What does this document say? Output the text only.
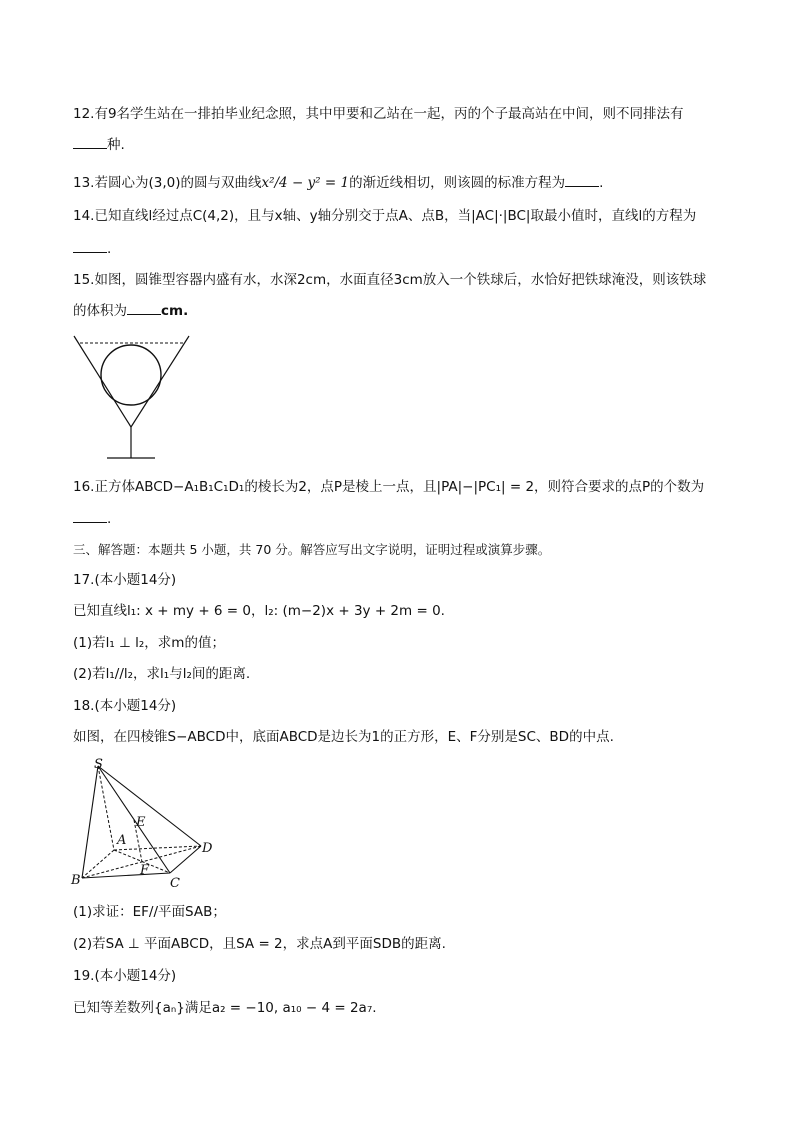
12.有9名学生站在一排拍毕业纪念照，其中甲要和乙站在一起，丙的个子最高站在中间，则不同排法有
种.
13.若圆心为(3,0)的圆与双曲线x²/4 − y² = 1的渐近线相切，则该圆的标准方程为	.
14.已知直线l经过点C(4,2)，且与x轴、y轴分别交于点A、点B，当|AC|·|BC|取最小值时，直线l的方程为
.
15.如图，圆锥型容器内盛有水，水深2cm，水面直径3cm放入一个铁球后，水恰好把铁球淹没，则该铁球
的体积为	cm.
16.正方体ABCD−A₁B₁C₁D₁的棱长为2，点P是棱上一点，且|PA|−|PC₁| = 2，则符合要求的点P的个数为
.
三、解答题：本题共 5 小题，共 70 分。解答应写出文字说明，证明过程或演算步骤。
17.(本小题14分)
已知直线l₁: x + my + 6 = 0，l₂: (m−2)x + 3y + 2m = 0.
(1)若l₁ ⊥ l₂，求m的值；
(2)若l₁//l₂，求l₁与l₂间的距离.
18.(本小题14分)
如图，在四棱锥S−ABCD中，底面ABCD是边长为1的正方形，E、F分别是SC、BD的中点.
S
E
A
D
F
B	C
(1)求证：EF//平面SAB；
(2)若SA ⊥ 平面ABCD，且SA = 2，求点A到平面SDB的距离.
19.(本小题14分)
已知等差数列{aₙ}满足a₂ = −10, a₁₀ − 4 = 2a₇.
